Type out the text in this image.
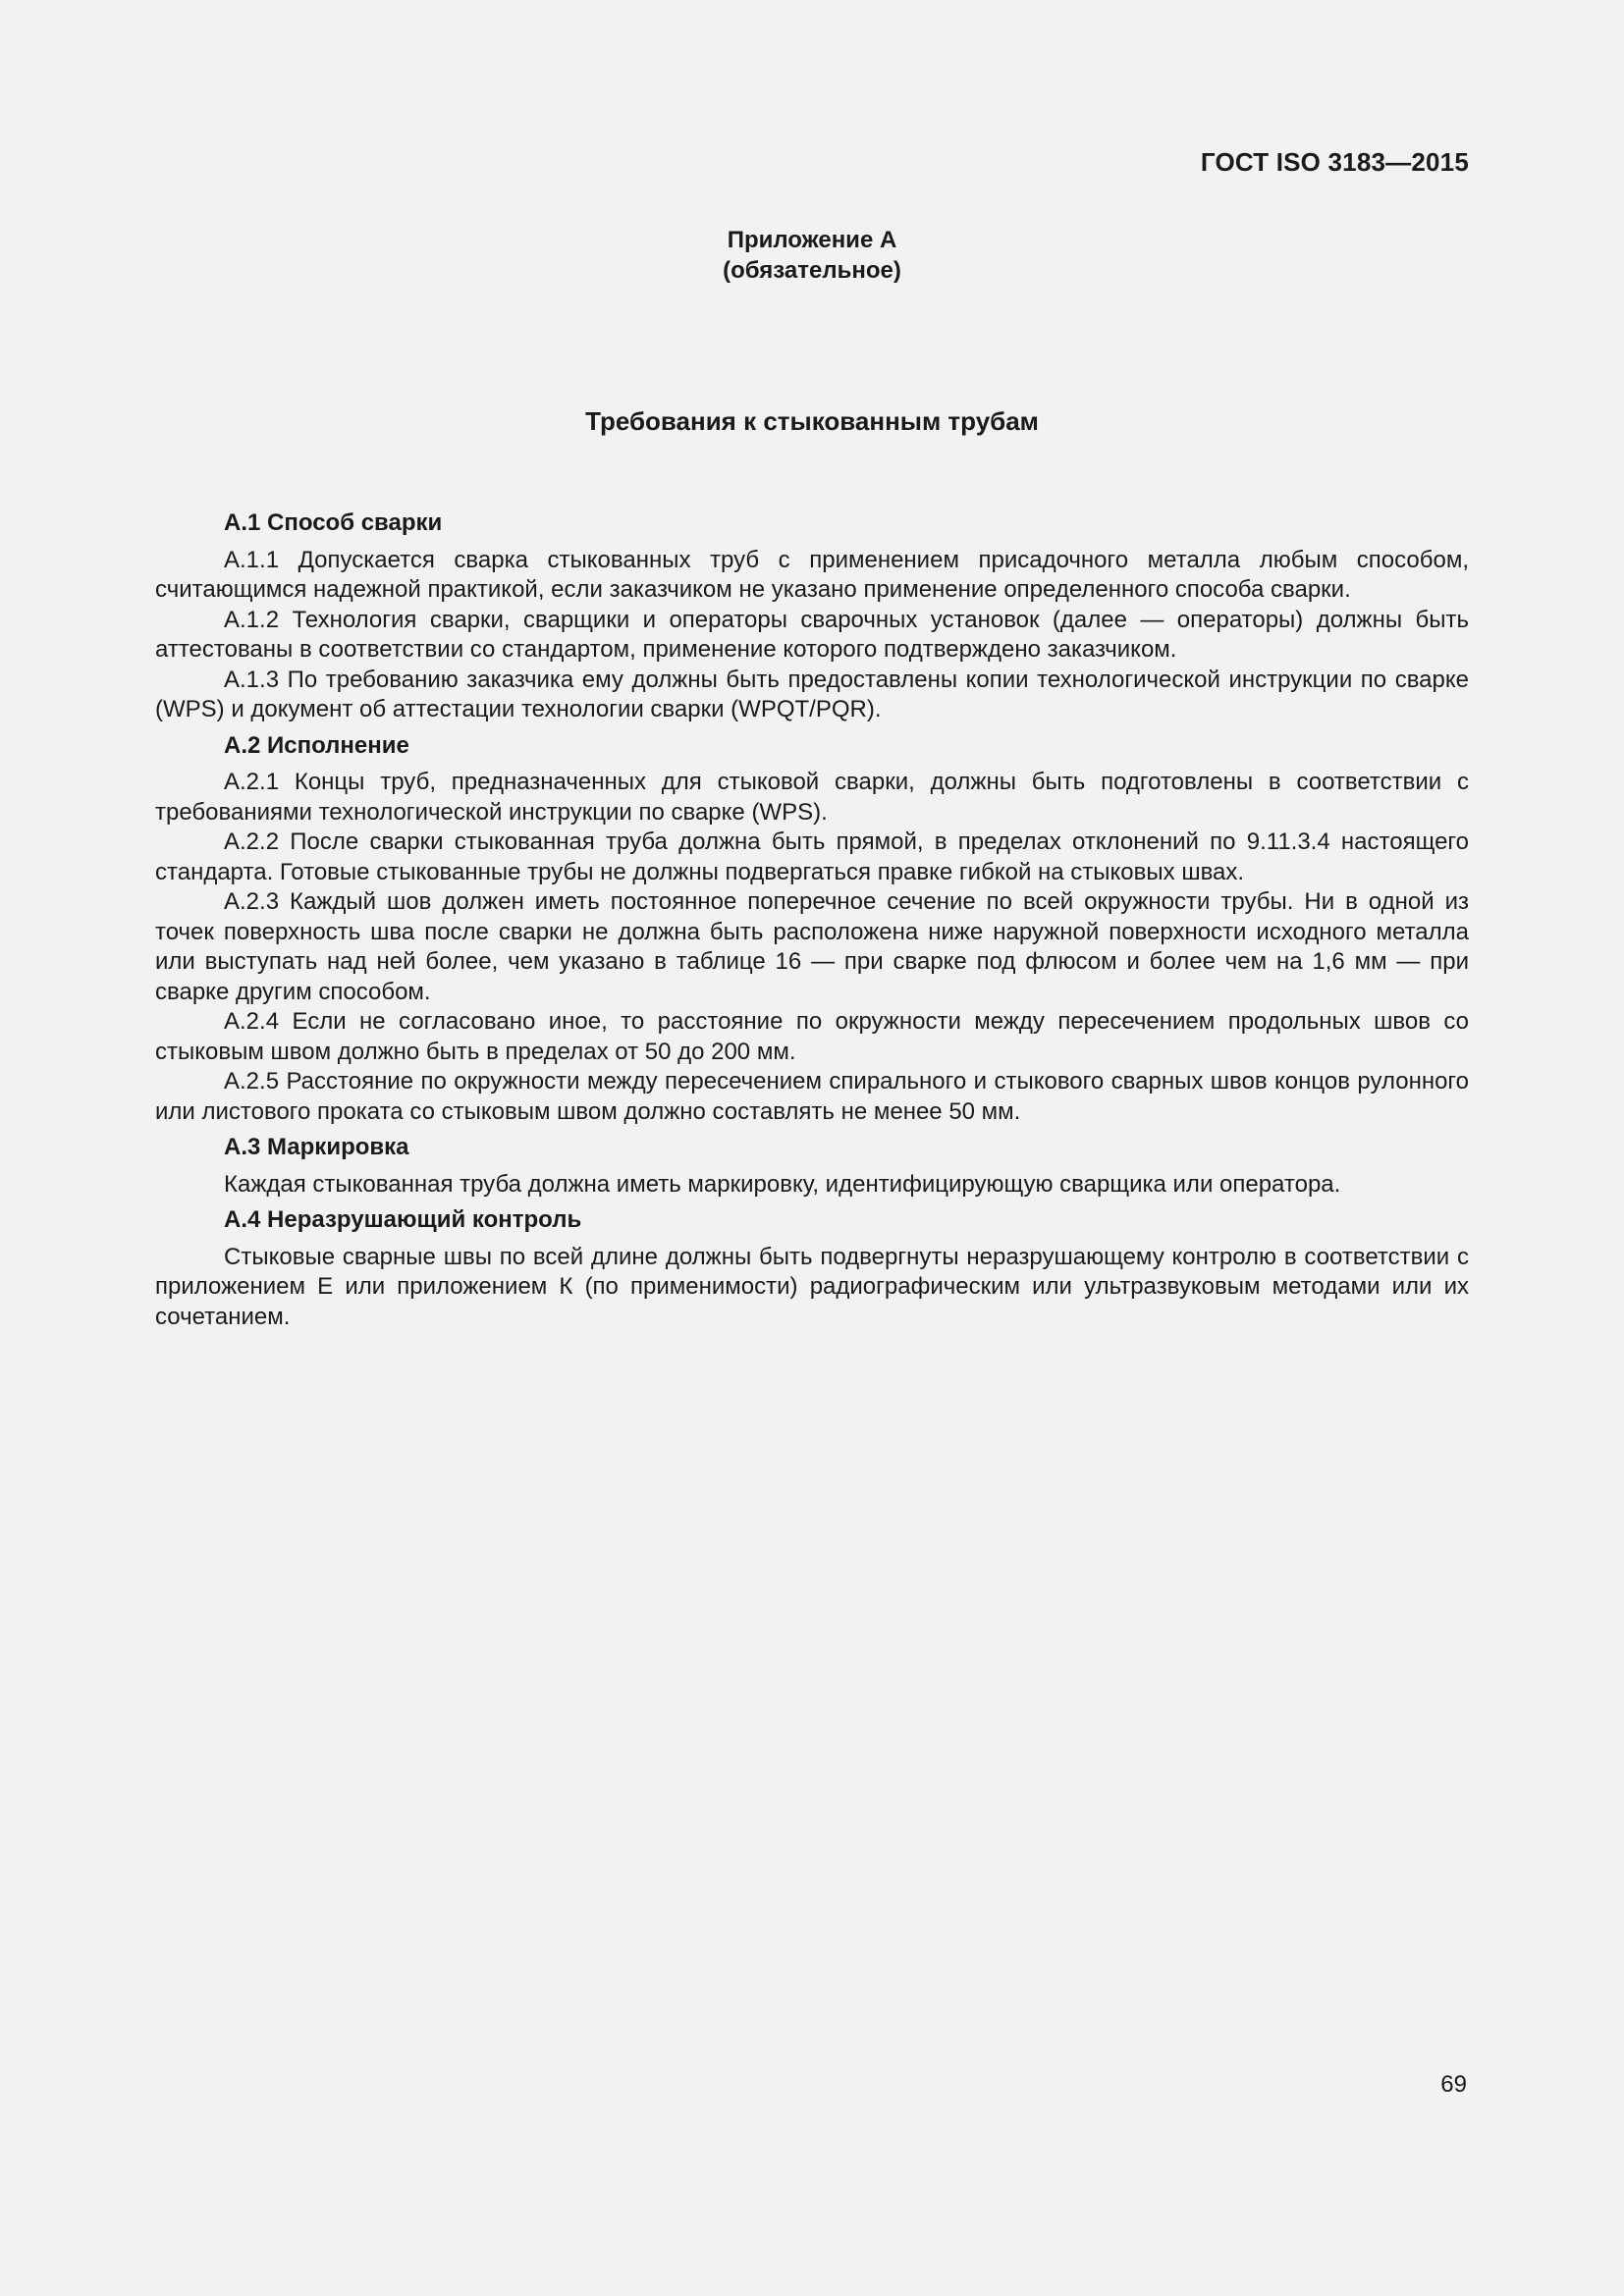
ГОСТ ISO 3183—2015
Приложение А
(обязательное)
Требования к стыкованным трубам
А.1 Способ сварки

А.1.1 Допускается сварка стыкованных труб с применением присадочного металла любым способом, считающимся надежной практикой, если заказчиком не указано применение определенного способа сварки.

А.1.2 Технология сварки, сварщики и операторы сварочных установок (далее — операторы) должны быть аттестованы в соответствии со стандартом, применение которого подтверждено заказчиком.

А.1.3 По требованию заказчика ему должны быть предоставлены копии технологической инструкции по сварке (WPS) и документ об аттестации технологии сварки (WPQT/PQR).

А.2 Исполнение

А.2.1 Концы труб, предназначенных для стыковой сварки, должны быть подготовлены в соответствии с требованиями технологической инструкции по сварке (WPS).

А.2.2 После сварки стыкованная труба должна быть прямой, в пределах отклонений по 9.11.3.4 настоящего стандарта. Готовые стыкованные трубы не должны подвергаться правке гибкой на стыковых швах.

А.2.3 Каждый шов должен иметь постоянное поперечное сечение по всей окружности трубы. Ни в одной из точек поверхность шва после сварки не должна быть расположена ниже наружной поверхности исходного металла или выступать над ней более, чем указано в таблице 16 — при сварке под флюсом и более чем на 1,6 мм — при сварке другим способом.

А.2.4 Если не согласовано иное, то расстояние по окружности между пересечением продольных швов со стыковым швом должно быть в пределах от 50 до 200 мм.

А.2.5 Расстояние по окружности между пересечением спирального и стыкового сварных швов концов рулонного или листового проката со стыковым швом должно составлять не менее 50 мм.

А.3 Маркировка

Каждая стыкованная труба должна иметь маркировку, идентифицирующую сварщика или оператора.

А.4 Неразрушающий контроль

Стыковые сварные швы по всей длине должны быть подвергнуты неразрушающему контролю в соответствии с приложением Е или приложением К (по применимости) радиографическим или ультразвуковым методами или их сочетанием.

69
